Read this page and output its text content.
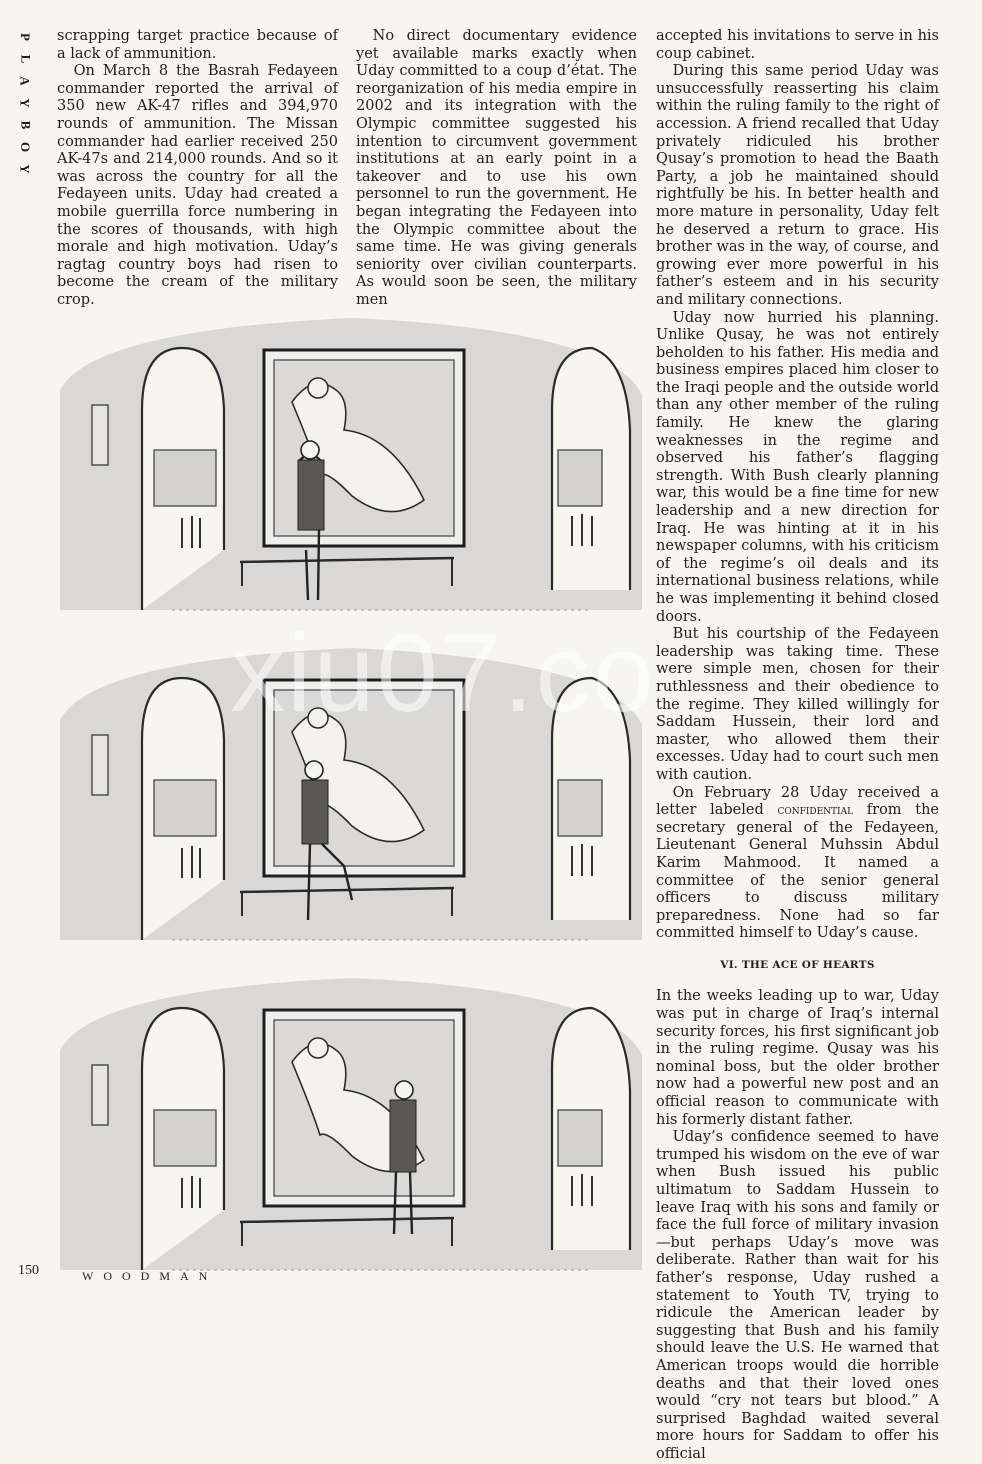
P
L
A
Y
B
O
Y

scrapping target practice because of a lack of ammunition.

On March 8 the Basrah Fedayeen commander reported the arrival of 350 new AK-47 rifles and 394,970 rounds of ammunition. The Missan commander had earlier received 250 AK-47s and 214,000 rounds. And so it was across the country for all the Fedayeen units. Uday had created a mobile guerrilla force numbering in the scores of thousands, with high morale and high motivation. Uday’s ragtag country boys had risen to become the cream of the military crop.

No direct documentary evidence yet available marks exactly when Uday committed to a coup d’état. The reorganization of his media empire in 2002 and its integration with the Olympic committee suggested his intention to circumvent government institutions at an early point in a takeover and to use his own personnel to run the government. He began integrating the Fedayeen into the Olympic committee about the same time. He was giving generals seniority over civilian counterparts. As would soon be seen, the military men

accepted his invitations to serve in his coup cabinet.

During this same period Uday was unsuccessfully reasserting his claim within the ruling family to the right of accession. A friend recalled that Uday privately ridiculed his brother Qusay’s promotion to head the Baath Party, a job he maintained should rightfully be his. In better health and more mature in personality, Uday felt he deserved a return to grace. His brother was in the way, of course, and growing ever more powerful in his father’s esteem and in his security and military connections.

Uday now hurried his planning. Unlike Qusay, he was not entirely beholden to his father. His media and business empires placed him closer to the Iraqi people and the outside world than any other member of the ruling family. He knew the glaring weaknesses in the regime and observed his father’s flagging strength. With Bush clearly planning war, this would be a fine time for new leadership and a new direction for Iraq. He was hinting at it in his newspaper columns, with his criticism of the regime’s oil deals and its international business relations, while he was implementing it behind closed doors.

But his courtship of the Fedayeen leadership was taking time. These were simple men, chosen for their ruthlessness and their obedience to the regime. They killed willingly for Saddam Hussein, their lord and master, who allowed them their excesses. Uday had to court such men with caution.

On February 28 Uday received a letter labeled confidential from the secretary general of the Fedayeen, Lieutenant General Muhssin Abdul Karim Mahmood. It named a committee of the senior general officers to discuss military preparedness. None had so far committed himself to Uday’s cause.

VI. THE ACE OF HEARTS

In the weeks leading up to war, Uday was put in charge of Iraq’s internal security forces, his first significant job in the ruling regime. Qusay was his nominal boss, but the older brother now had a powerful new post and an official reason to communicate with his formerly distant father.

Uday’s confidence seemed to have trumped his wisdom on the eve of war when Bush issued his public ultimatum to Saddam Hussein to leave Iraq with his sons and family or face the full force of military invasion—but perhaps Uday’s move was deliberate. Rather than wait for his father’s response, Uday rushed a statement to Youth TV, trying to ridicule the American leader by suggesting that Bush and his family should leave the U.S. He warned that American troops would die horrible deaths and that their loved ones would “cry not tears but blood.” A surprised Baghdad waited several more hours for Saddam to offer his official

WOODMAN
xiu07.co
150
